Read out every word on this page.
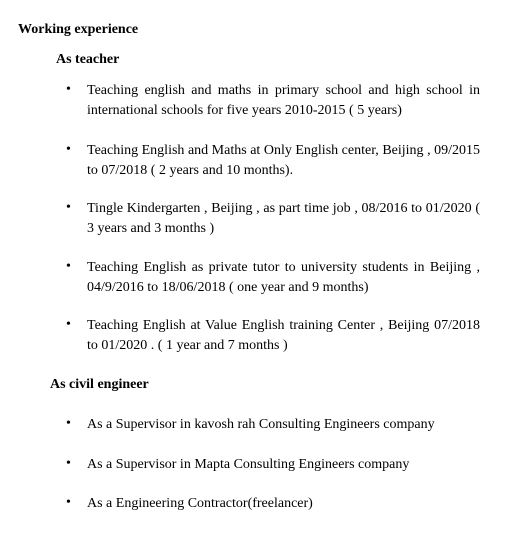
Working experience
As teacher
• Teaching english and maths in primary school and high school in international schools for five years 2010-2015 ( 5 years)
• Teaching English and Maths at Only English center, Beijing , 09/2015 to 07/2018 ( 2 years and 10 months).
• Tingle Kindergarten , Beijing , as part time job , 08/2016 to 01/2020 ( 3 years and 3 months )
• Teaching English as private tutor to university students in Beijing , 04/9/2016 to 18/06/2018 ( one year and 9 months)
• Teaching English at Value English training Center , Beijing 07/2018 to 01/2020 . ( 1 year and 7 months )
As civil engineer
• As a Supervisor in kavosh rah Consulting Engineers company
• As a Supervisor in Mapta Consulting Engineers company
• As a Engineering Contractor(freelancer)
